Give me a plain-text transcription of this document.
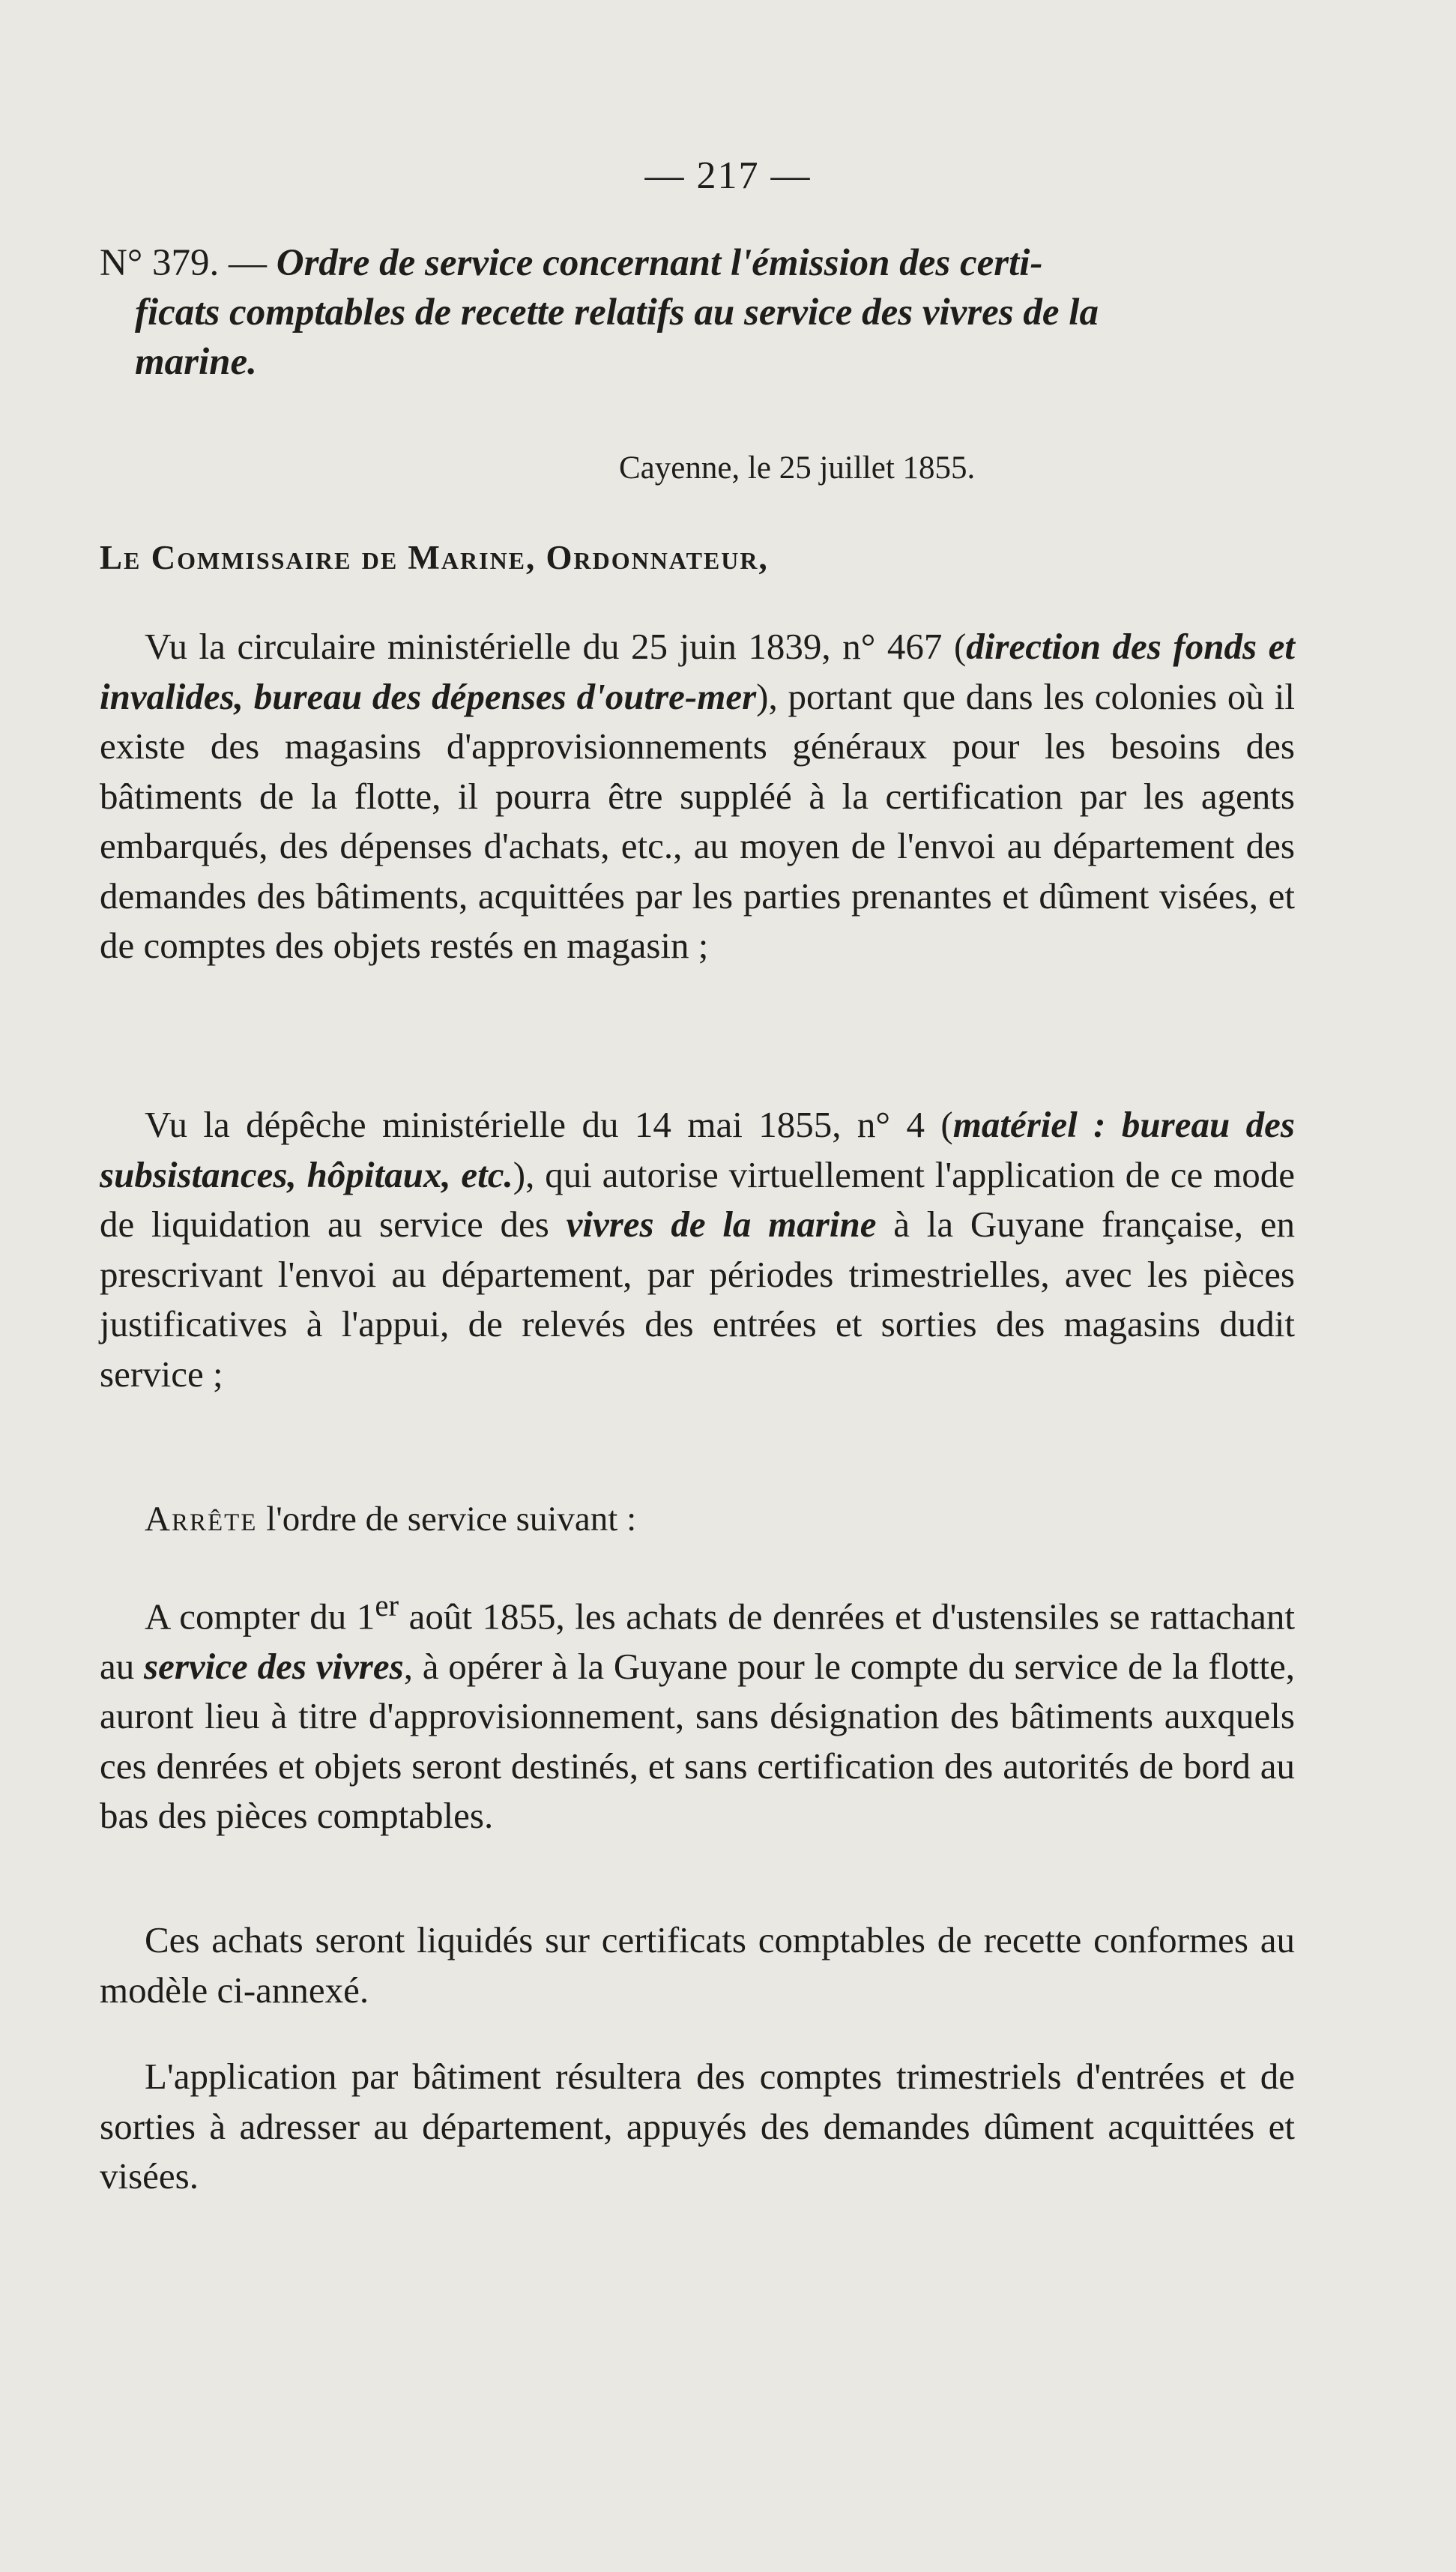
— 217 —
N° 379. — Ordre de service concernant l'émission des certi-
ficats comptables de recette relatifs au service des vivres de la
marine.
Cayenne, le 25 juillet 1855.
Le Commissaire de Marine, Ordonnateur,

Vu la circulaire ministérielle du 25 juin 1839, n° 467 (direction des fonds et invalides, bureau des dépenses d'outre-mer), portant que dans les colonies où il existe des magasins d'approvisionnements généraux pour les besoins des bâtiments de la flotte, il pourra être suppléé à la certification par les agents embarqués, des dépenses d'achats, etc., au moyen de l'envoi au département des demandes des bâtiments, acquittées par les parties prenantes et dûment visées, et de comptes des objets restés en magasin ;

Vu la dépêche ministérielle du 14 mai 1855, n° 4 (matériel : bureau des subsistances, hôpitaux, etc.), qui autorise virtuellement l'application de ce mode de liquidation au service des vivres de la marine à la Guyane française, en prescrivant l'envoi au département, par périodes trimestrielles, avec les pièces justificatives à l'appui, de relevés des entrées et sorties des magasins dudit service ;

Arrête l'ordre de service suivant :

A compter du 1er août 1855, les achats de denrées et d'ustensiles se rattachant au service des vivres, à opérer à la Guyane pour le compte du service de la flotte, auront lieu à titre d'approvisionnement, sans désignation des bâtiments auxquels ces denrées et objets seront destinés, et sans certification des autorités de bord au bas des pièces comptables.

Ces achats seront liquidés sur certificats comptables de recette conformes au modèle ci-annexé.

L'application par bâtiment résultera des comptes trimestriels d'entrées et de sorties à adresser au département, appuyés des demandes dûment acquittées et visées.
